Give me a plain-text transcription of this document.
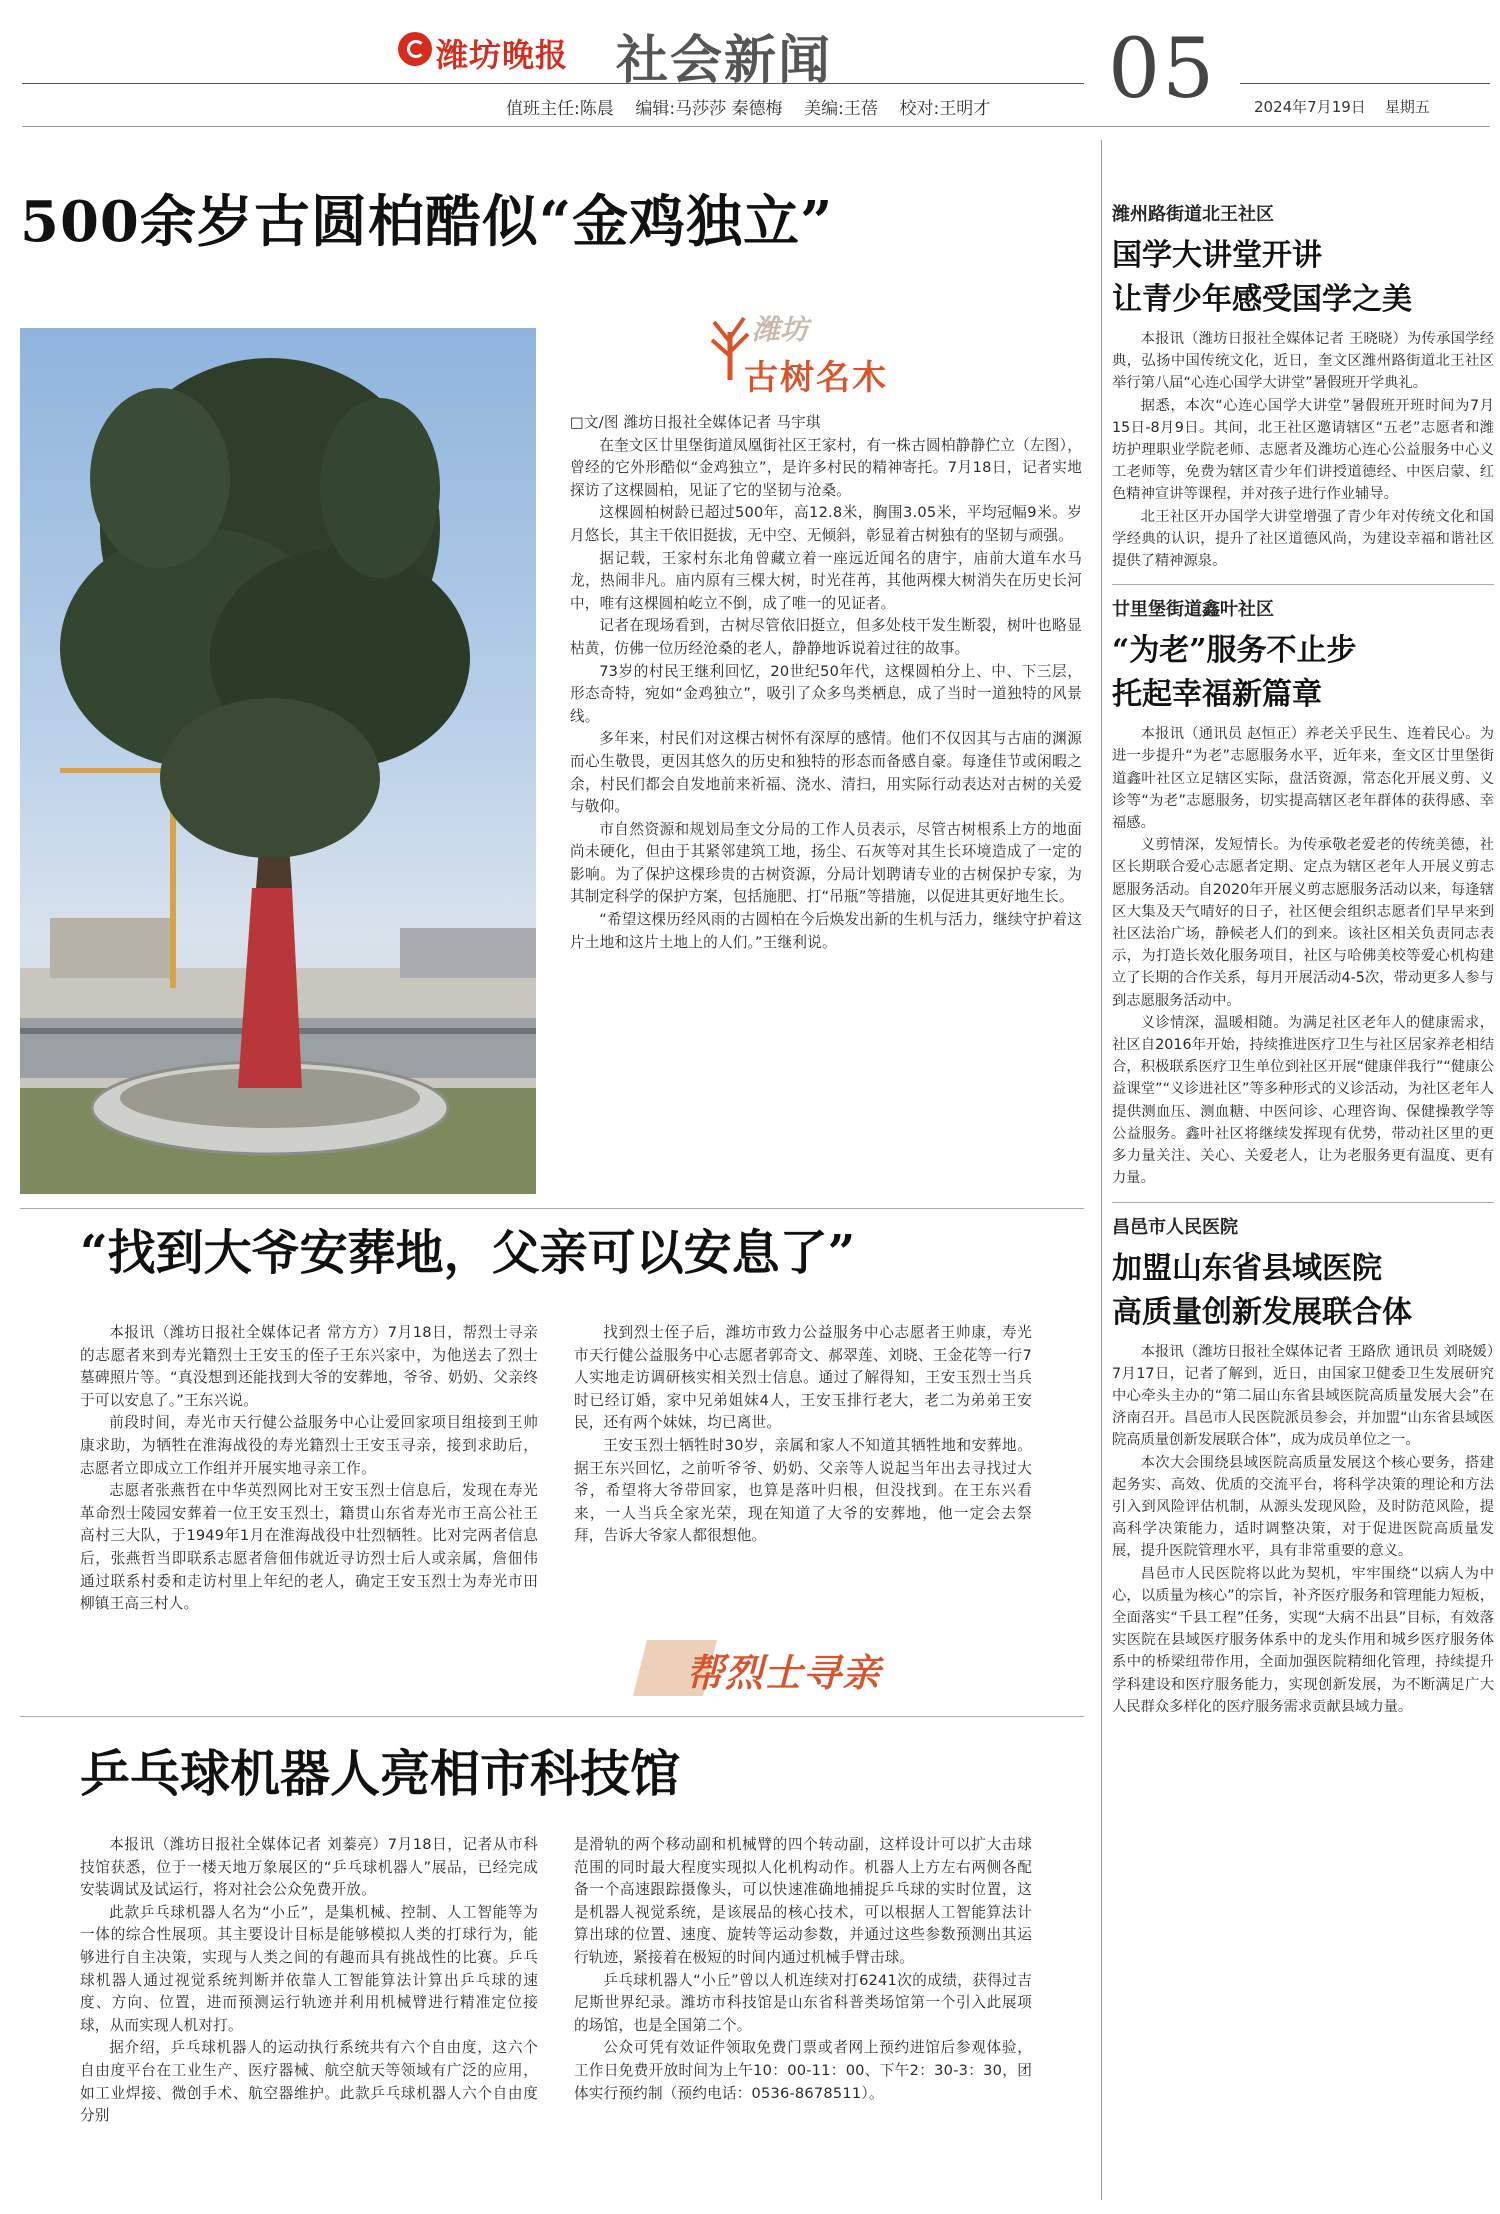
潍坊晚报 社会新闻	05
值班主任:陈晨 编辑:马莎莎 秦德梅 美编:王蓓 校对:王明才	2024年7月19日 星期五
500余岁古圆柏酷似“金鸡独立”
潍坊
古树名木

□文/图 潍坊日报社全媒体记者 马宇琪

在奎文区廿里堡街道凤凰街社区王家村，有一株古圆柏静静伫立（左图），曾经的它外形酷似“金鸡独立”，是许多村民的精神寄托。7月18日，记者实地探访了这棵圆柏，见证了它的坚韧与沧桑。

这棵圆柏树龄已超过500年，高12.8米，胸围3.05米，平均冠幅9米。岁月悠长，其主干依旧挺拔，无中空、无倾斜，彰显着古树独有的坚韧与顽强。

据记载，王家村东北角曾藏立着一座远近闻名的唐宇，庙前大道车水马龙，热闹非凡。庙内原有三棵大树，时光荏苒，其他两棵大树消失在历史长河中，唯有这棵圆柏屹立不倒，成了唯一的见证者。

记者在现场看到，古树尽管依旧挺立，但多处枝干发生断裂，树叶也略显枯黄，仿佛一位历经沧桑的老人，静静地诉说着过往的故事。

73岁的村民王继利回忆，20世纪50年代，这棵圆柏分上、中、下三层，形态奇特，宛如“金鸡独立”，吸引了众多鸟类栖息，成了当时一道独特的风景线。

多年来，村民们对这棵古树怀有深厚的感情。他们不仅因其与古庙的渊源而心生敬畏，更因其悠久的历史和独特的形态而备感自豪。每逢佳节或闲暇之余，村民们都会自发地前来祈福、浇水、清扫，用实际行动表达对古树的关爱与敬仰。

市自然资源和规划局奎文分局的工作人员表示，尽管古树根系上方的地面尚未硬化，但由于其紧邻建筑工地，扬尘、石灰等对其生长环境造成了一定的影响。为了保护这棵珍贵的古树资源，分局计划聘请专业的古树保护专家，为其制定科学的保护方案，包括施肥、打“吊瓶”等措施，以促进其更好地生长。

“希望这棵历经风雨的古圆柏在今后焕发出新的生机与活力，继续守护着这片土地和这片土地上的人们。”王继利说。

“找到大爷安葬地，父亲可以安息了”

本报讯（潍坊日报社全媒体记者 常方方）7月18日，帮烈士寻亲的志愿者来到寿光籍烈士王安玉的侄子王东兴家中，为他送去了烈士墓碑照片等。“真没想到还能找到大爷的安葬地，爷爷、奶奶、父亲终于可以安息了。”王东兴说。

前段时间，寿光市天行健公益服务中心让爱回家项目组接到王帅康求助，为牺牲在淮海战役的寿光籍烈士王安玉寻亲，接到求助后，志愿者立即成立工作组并开展实地寻亲工作。

志愿者张燕哲在中华英烈网比对王安玉烈士信息后，发现在寿光革命烈士陵园安葬着一位王安玉烈士，籍贯山东省寿光市王高公社王高村三大队，于1949年1月在淮海战役中壮烈牺牲。比对完两者信息后，张燕哲当即联系志愿者詹佃伟就近寻访烈士后人或亲属，詹佃伟通过联系村委和走访村里上年纪的老人，确定王安玉烈士为寿光市田柳镇王高三村人。

找到烈士侄子后，潍坊市致力公益服务中心志愿者王帅康，寿光市天行健公益服务中心志愿者郭奇文、郝翠莲、刘晓、王金花等一行7人实地走访调研核实相关烈士信息。通过了解得知，王安玉烈士当兵时已经订婚，家中兄弟姐妹4人，王安玉排行老大，老二为弟弟王安民，还有两个妹妹，均已离世。

王安玉烈士牺牲时30岁，亲属和家人不知道其牺牲地和安葬地。据王东兴回忆，之前听爷爷、奶奶、父亲等人说起当年出去寻找过大爷，希望将大爷带回家，也算是落叶归根，但没找到。在王东兴看来，一人当兵全家光荣，现在知道了大爷的安葬地，他一定会去祭拜，告诉大爷家人都很想他。

帮烈士寻亲
乒乓球机器人亮相市科技馆

本报讯（潍坊日报社全媒体记者 刘蓁亮）7月18日，记者从市科技馆获悉，位于一楼天地万象展区的“乒乓球机器人”展品，已经完成安装调试及试运行，将对社会公众免费开放。

此款乒乓球机器人名为“小丘”，是集机械、控制、人工智能等为一体的综合性展项。其主要设计目标是能够模拟人类的打球行为，能够进行自主决策，实现与人类之间的有趣而具有挑战性的比赛。乒乓球机器人通过视觉系统判断并依靠人工智能算法计算出乒乓球的速度、方向、位置，进而预测运行轨迹并利用机械臂进行精准定位接球，从而实现人机对打。

据介绍，乒乓球机器人的运动执行系统共有六个自由度，这六个自由度平台在工业生产、医疗器械、航空航天等领域有广泛的应用，如工业焊接、微创手术、航空器维护。此款乒乓球机器人六个自由度分别

是滑轨的两个移动副和机械臂的四个转动副，这样设计可以扩大击球范围的同时最大程度实现拟人化机构动作。机器人上方左右两侧各配备一个高速跟踪摄像头，可以快速准确地捕捉乒乓球的实时位置，这是机器人视觉系统，是该展品的核心技术，可以根据人工智能算法计算出球的位置、速度、旋转等运动参数，并通过这些参数预测出其运行轨迹，紧接着在极短的时间内通过机械手臂击球。

乒乓球机器人“小丘”曾以人机连续对打6241次的成绩，获得过吉尼斯世界纪录。潍坊市科技馆是山东省科普类场馆第一个引入此展项的场馆，也是全国第二个。

公众可凭有效证件领取免费门票或者网上预约进馆后参观体验，工作日免费开放时间为上午10：00-11：00、下午2：30-3：30，团体实行预约制（预约电话：0536-8678511）。

潍州路街道北王社区
国学大讲堂开讲
让青少年感受国学之美

本报讯（潍坊日报社全媒体记者 王晓晓）为传承国学经典，弘扬中国传统文化，近日，奎文区潍州路街道北王社区举行第八届“心连心国学大讲堂”暑假班开学典礼。

据悉，本次“心连心国学大讲堂”暑假班开班时间为7月15日-8月9日。其间，北王社区邀请辖区“五老”志愿者和潍坊护理职业学院老师、志愿者及潍坊心连心公益服务中心义工老师等，免费为辖区青少年们讲授道德经、中医启蒙、红色精神宣讲等课程，并对孩子进行作业辅导。

北王社区开办国学大讲堂增强了青少年对传统文化和国学经典的认识，提升了社区道德风尚，为建设幸福和谐社区提供了精神源泉。

廿里堡街道鑫叶社区
“为老”服务不止步
托起幸福新篇章

本报讯（通讯员 赵恒正）养老关乎民生、连着民心。为进一步提升“为老”志愿服务水平，近年来，奎文区廿里堡街道鑫叶社区立足辖区实际，盘活资源，常态化开展义剪、义诊等“为老”志愿服务，切实提高辖区老年群体的获得感、幸福感。

义剪情深，发短情长。为传承敬老爱老的传统美德，社区长期联合爱心志愿者定期、定点为辖区老年人开展义剪志愿服务活动。自2020年开展义剪志愿服务活动以来，每逢辖区大集及天气晴好的日子，社区便会组织志愿者们早早来到社区法治广场，静候老人们的到来。该社区相关负责同志表示，为打造长效化服务项目，社区与哈佛美校等爱心机构建立了长期的合作关系，每月开展活动4-5次，带动更多人参与到志愿服务活动中。

义诊情深，温暖相随。为满足社区老年人的健康需求，社区自2016年开始，持续推进医疗卫生与社区居家养老相结合，积极联系医疗卫生单位到社区开展“健康伴我行”“健康公益课堂”“义诊进社区”等多种形式的义诊活动，为社区老年人提供测血压、测血糖、中医问诊、心理咨询、保健操教学等公益服务。鑫叶社区将继续发挥现有优势，带动社区里的更多力量关注、关心、关爱老人，让为老服务更有温度、更有力量。

昌邑市人民医院
加盟山东省县域医院
高质量创新发展联合体

本报讯（潍坊日报社全媒体记者 王路欣 通讯员 刘晓媛）7月17日，记者了解到，近日，由国家卫健委卫生发展研究中心牵头主办的“第二届山东省县域医院高质量发展大会”在济南召开。昌邑市人民医院派员参会，并加盟“山东省县域医院高质量创新发展联合体”，成为成员单位之一。

本次大会围绕县域医院高质量发展这个核心要务，搭建起务实、高效、优质的交流平台，将科学决策的理论和方法引入到风险评估机制，从源头发现风险，及时防范风险，提高科学决策能力，适时调整决策，对于促进医院高质量发展，提升医院管理水平，具有非常重要的意义。

昌邑市人民医院将以此为契机，牢牢围绕“以病人为中心，以质量为核心”的宗旨，补齐医疗服务和管理能力短板，全面落实“千县工程”任务，实现“大病不出县”目标，有效落实医院在县域医疗服务体系中的龙头作用和城乡医疗服务体系中的桥梁纽带作用，全面加强医院精细化管理，持续提升学科建设和医疗服务能力，实现创新发展，为不断满足广大人民群众多样化的医疗服务需求贡献县域力量。
